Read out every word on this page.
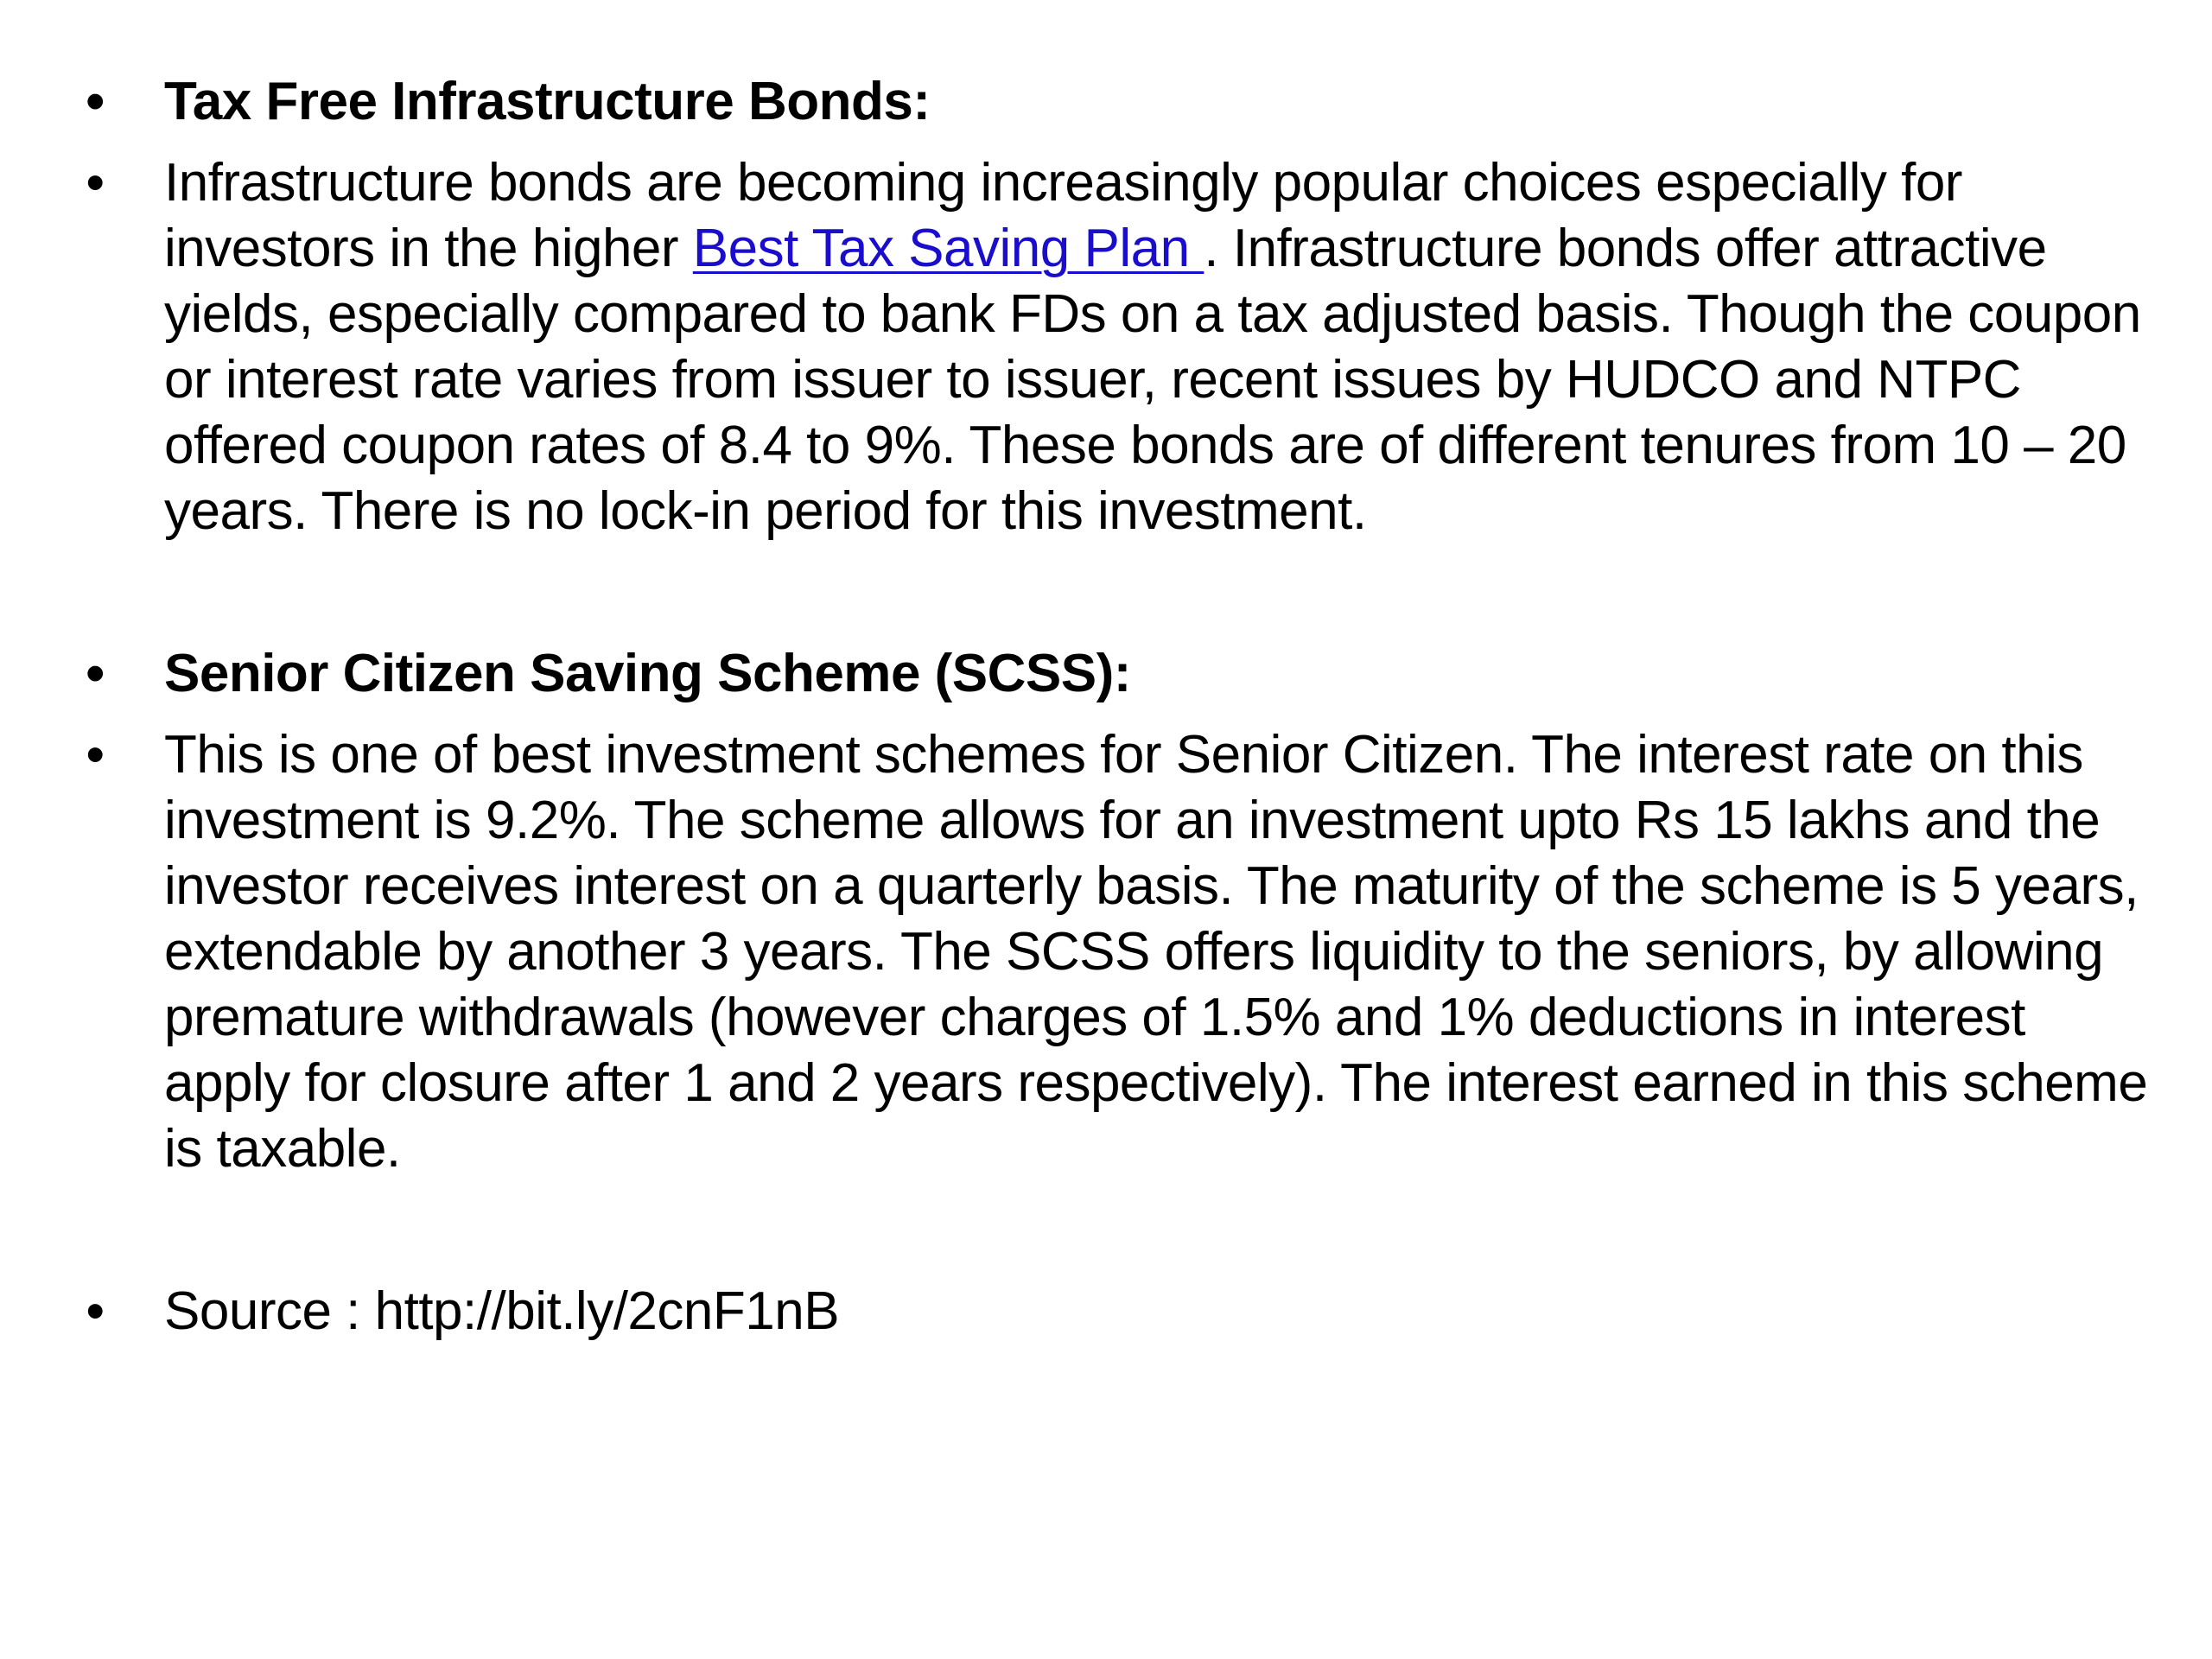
• Tax Free Infrastructure Bonds:
• Infrastructure bonds are becoming increasingly popular choices especially for investors in the higher Best Tax Saving Plan . Infrastructure bonds offer attractive yields, especially compared to bank FDs on a tax adjusted basis. Though the coupon or interest rate varies from issuer to issuer, recent issues by HUDCO and NTPC offered coupon rates of 8.4 to 9%. These bonds are of different tenures from 10 – 20 years. There is no lock-in period for this investment.
• Senior Citizen Saving Scheme (SCSS):
• This is one of best investment schemes for Senior Citizen. The interest rate on this investment is 9.2%. The scheme allows for an investment upto Rs 15 lakhs and the investor receives interest on a quarterly basis. The maturity of the scheme is 5 years, extendable by another 3 years. The SCSS offers liquidity to the seniors, by allowing premature withdrawals (however charges of 1.5% and 1% deductions in interest apply for closure after 1 and 2 years respectively). The interest earned in this scheme is taxable.
• Source : http://bit.ly/2cnF1nB
